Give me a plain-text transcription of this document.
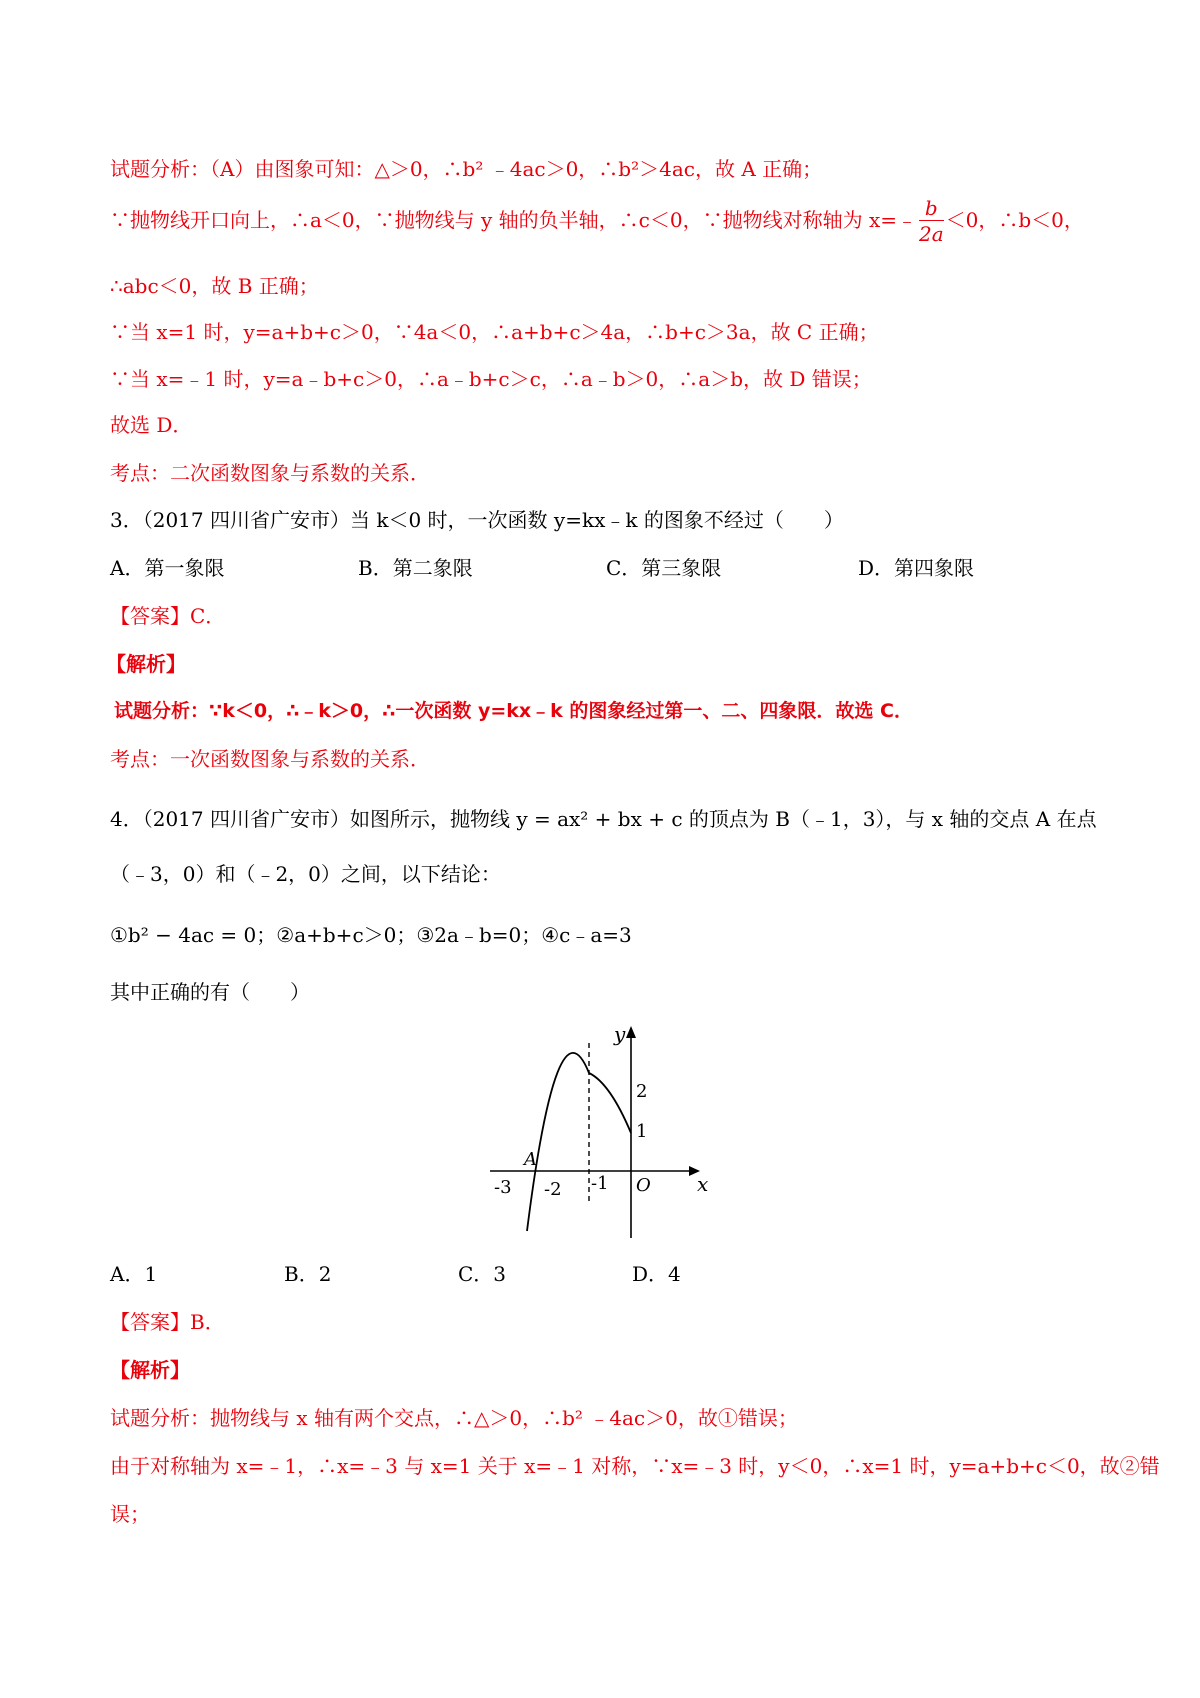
试题分析：（A）由图象可知：△＞0，∴b² ﹣4ac＞0，∴b²＞4ac，故 A 正确；
∵抛物线开口向上，∴a＜0，∵抛物线与 y 轴的负半轴，∴c＜0，∵抛物线对称轴为 x=﹣ $\frac{b}{2a} <0$，∴b＜0，
∴abc＜0，故 B 正确；
∵当 x=1 时，y=a+b+c＞0，∵4a＜0，∴a+b+c＞4a，∴b+c＞3a，故 C 正确；
∵当 x=﹣1 时，y=a﹣b+c＞0，∴a﹣b+c＞c，∴a﹣b＞0，∴a＞b，故 D 错误；
故选 D．
考点：二次函数图象与系数的关系．
3．（2017 四川省广安市）当 k＜0 时，一次函数 y=kx﹣k 的图象不经过（　　）
A．第一象限	B．第二象限	C．第三象限	D．第四象限
【答案】C．
【解析】
试题分析：∵k＜0，∴﹣k＞0，∴一次函数 y=kx﹣k 的图象经过第一、二、四象限．故选 C．
考点：一次函数图象与系数的关系．
4．（2017 四川省广安市）如图所示，抛物线 y = ax² + bx + c 的顶点为 B（﹣1，3），与 x 轴的交点 A 在点
（﹣3，0）和（﹣2，0）之间，以下结论：
①b² − 4ac = 0；②a+b+c＞0；③2a﹣b=0；④c﹣a=3
其中正确的有（　　）
-3 -2 -1
2
1
O x
y
A
A．1	B．2	C．3	D．4
【答案】B．
【解析】
试题分析：抛物线与 x 轴有两个交点，∴△＞0，∴b² ﹣4ac＞0，故①错误；
由于对称轴为 x=﹣1，∴x=﹣3 与 x=1 关于 x=﹣1 对称，∵x=﹣3 时，y＜0，∴x=1 时，y=a+b+c＜0，故②错
误；
